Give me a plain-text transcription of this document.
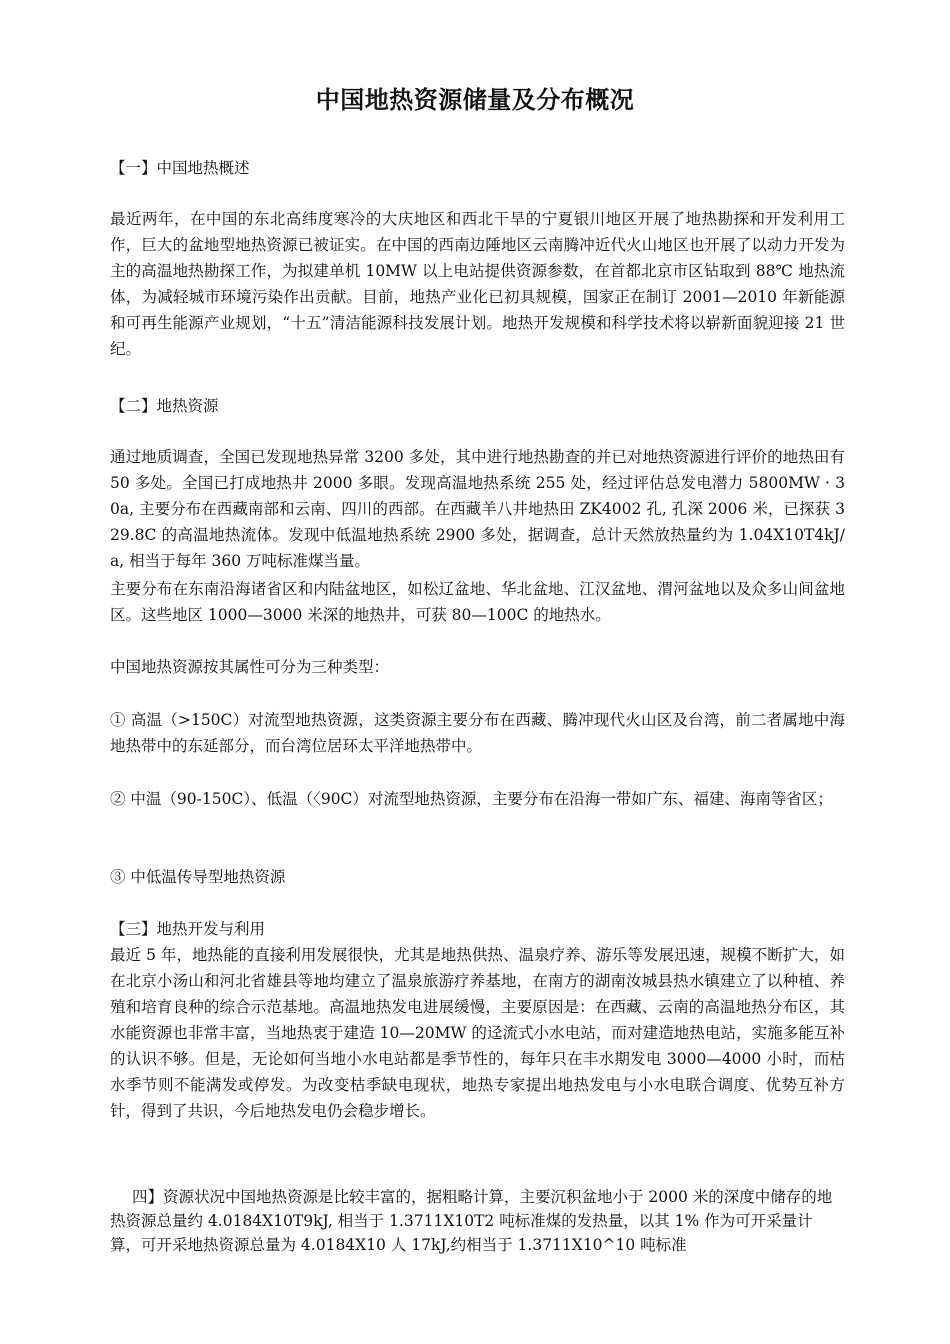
中国地热资源储量及分布概况
【一】中国地热概述
最近两年，在中国的东北高纬度寒冷的大庆地区和西北干旱的宁夏银川地区开展了地热勘探和开发利用工作，巨大的盆地型地热资源已被证实。在中国的西南边陲地区云南腾冲近代火山地区也开展了以动力开发为主的高温地热勘探工作，为拟建单机 10MW 以上电站提供资源参数，在首都北京市区钻取到 88℃ 地热流体，为减轻城市环境污染作出贡献。目前，地热产业化已初具规模，国家正在制订 2001—2010 年新能源和可再生能源产业规划，“十五”清洁能源科技发展计划。地热开发规模和科学技术将以崭新面貌迎接 21 世纪。
【二】地热资源
通过地质调查，全国已发现地热异常 3200 多处，其中进行地热勘查的并已对地热资源进行评价的地热田有 50 多处。全国已打成地热井 2000 多眼。发现高温地热系统 255 处，经过评估总发电潜力 5800MW · 30a, 主要分布在西藏南部和云南、四川的西部。在西藏羊八井地热田 ZK4002 孔, 孔深 2006 米，已探获 329.8C 的高温地热流体。发现中低温地热系统 2900 多处，据调查，总计天然放热量约为 1.04X10T4kJ/a, 相当于每年 360 万吨标准煤当量。
主要分布在东南沿海诸省区和内陆盆地区，如松辽盆地、华北盆地、江汉盆地、渭河盆地以及众多山间盆地区。这些地区 1000—3000 米深的地热井，可获 80—100C 的地热水。
中国地热资源按其属性可分为三种类型：
① 高温（>150C）对流型地热资源，这类资源主要分布在西藏、腾冲现代火山区及台湾，前二者属地中海地热带中的东延部分，而台湾位居环太平洋地热带中。
② 中温（90-150C）、低温（〈90C）对流型地热资源，主要分布在沿海一带如广东、福建、海南等省区；
③ 中低温传导型地热资源
【三】地热开发与利用
最近 5 年，地热能的直接利用发展很快，尤其是地热供热、温泉疗养、游乐等发展迅速，规模不断扩大，如在北京小汤山和河北省雄县等地均建立了温泉旅游疗养基地，在南方的湖南汝城县热水镇建立了以种植、养殖和培育良种的综合示范基地。高温地热发电进展缓慢，主要原因是：在西藏、云南的高温地热分布区，其水能资源也非常丰富，当地热衷于建造 10—20MW 的迳流式小水电站，而对建造地热电站，实施多能互补的认识不够。但是，无论如何当地小水电站都是季节性的，每年只在丰水期发电 3000—4000 小时，而枯水季节则不能满发或停发。为改变枯季缺电现状，地热专家提出地热发电与小水电联合调度、优势互补方针，得到了共识，今后地热发电仍会稳步增长。
四】资源状况中国地热资源是比较丰富的，据粗略计算，主要沉积盆地小于 2000 米的深度中储存的地热资源总量约 4.0184X10T9kJ, 相当于 1.3711X10T2 吨标准煤的发热量，以其 1% 作为可开采量计算，可开采地热资源总量为 4.0184X10 人 17kJ,约相当于 1.3711X10^10 吨标准
